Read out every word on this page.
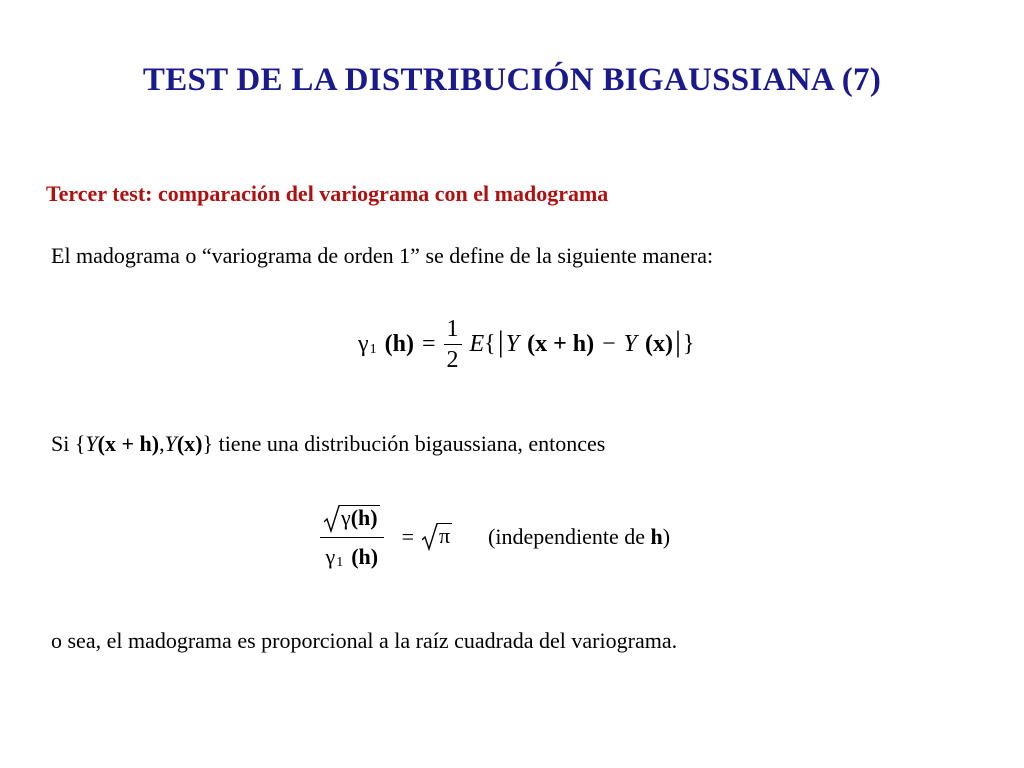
TEST DE LA DISTRIBUCIÓN BIGAUSSIANA (7)
Tercer test: comparación del variograma con el madograma
El madograma o “variograma de orden 1” se define de la siguiente manera:
γ 1 $(h) = \frac{1}{2}$ E { | Y (x + h) − Y (x) | }
Si {Y(x + h),Y(x)} tiene una distribución bigaussiana, entonces
$\frac{\gamma(h)}{\gamma 1 (h)} = \pi$ (independiente de h)
o sea, el madograma es proporcional a la raíz cuadrada del variograma.
